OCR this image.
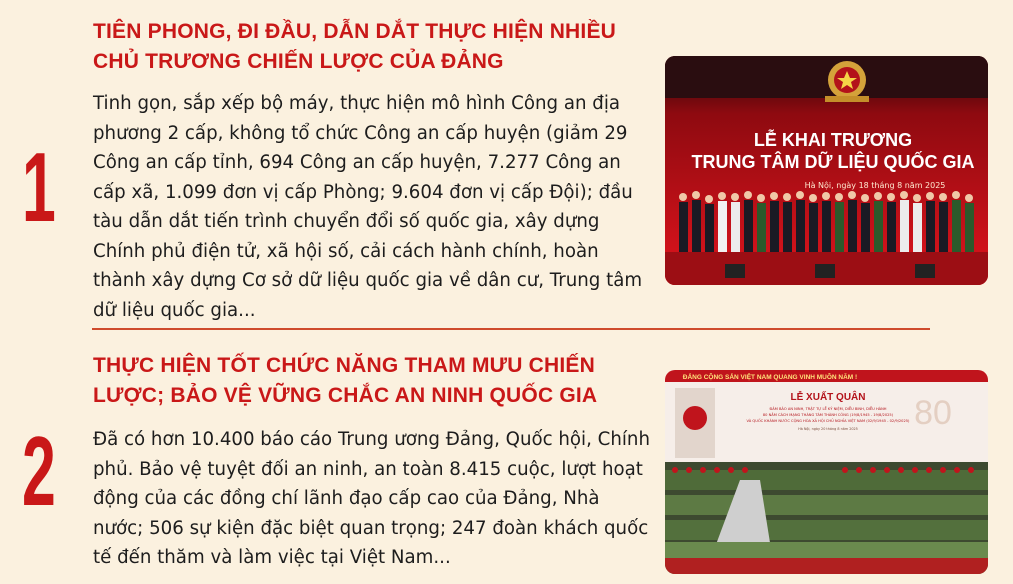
1
TIÊN PHONG, ĐI ĐẦU, DẪN DẮT THỰC HIỆN NHIỀU CHỦ TRƯƠNG CHIẾN LƯỢC CỦA ĐẢNG
Tinh gọn, sắp xếp bộ máy, thực hiện mô hình Công an địa phương 2 cấp, không tổ chức Công an cấp huyện (giảm 29 Công an cấp tỉnh, 694 Công an cấp huyện, 7.277 Công an cấp xã, 1.099 đơn vị cấp Phòng; 9.604 đơn vị cấp Đội); đầu tàu dẫn dắt tiến trình chuyển đổi số quốc gia, xây dựng Chính phủ điện tử, xã hội số, cải cách hành chính, hoàn thành xây dựng Cơ sở dữ liệu quốc gia về dân cư, Trung tâm dữ liệu quốc gia...
LỄ KHAI TRƯƠNG
TRUNG TÂM DỮ LIỆU QUỐC GIA
Hà Nội, ngày 18 tháng 8 năm 2025
2
THỰC HIỆN TỐT CHỨC NĂNG THAM MƯU CHIẾN LƯỢC; BẢO VỆ VỮNG CHẮC AN NINH QUỐC GIA
Đã có hơn 10.400 báo cáo Trung ương Đảng, Quốc hội, Chính phủ. Bảo vệ tuyệt đối an ninh, an toàn 8.415 cuộc, lượt hoạt động của các đồng chí lãnh đạo cấp cao của Đảng, Nhà nước; 506 sự kiện đặc biệt quan trọng; 247 đoàn khách quốc tế đến thăm và làm việc tại Việt Nam...
ĐẢNG CỘNG SẢN VIỆT NAM QUANG VINH MUÔN NĂM !
80
LỄ XUẤT QUÂN
ĐẢM BẢO AN NINH, TRẬT TỰ LỄ KỶ NIỆM, DIỄU BINH, DIỄU HÀNH
80 NĂM CÁCH MẠNG THÁNG TÁM THÀNH CÔNG (19/8/1945 - 19/8/2025)
VÀ QUỐC KHÁNH NƯỚC CỘNG HÒA XÃ HỘI CHỦ NGHĨA VIỆT NAM (02/9/1945 - 02/9/2025)
Hà Nội, ngày 20 tháng 8 năm 2025
